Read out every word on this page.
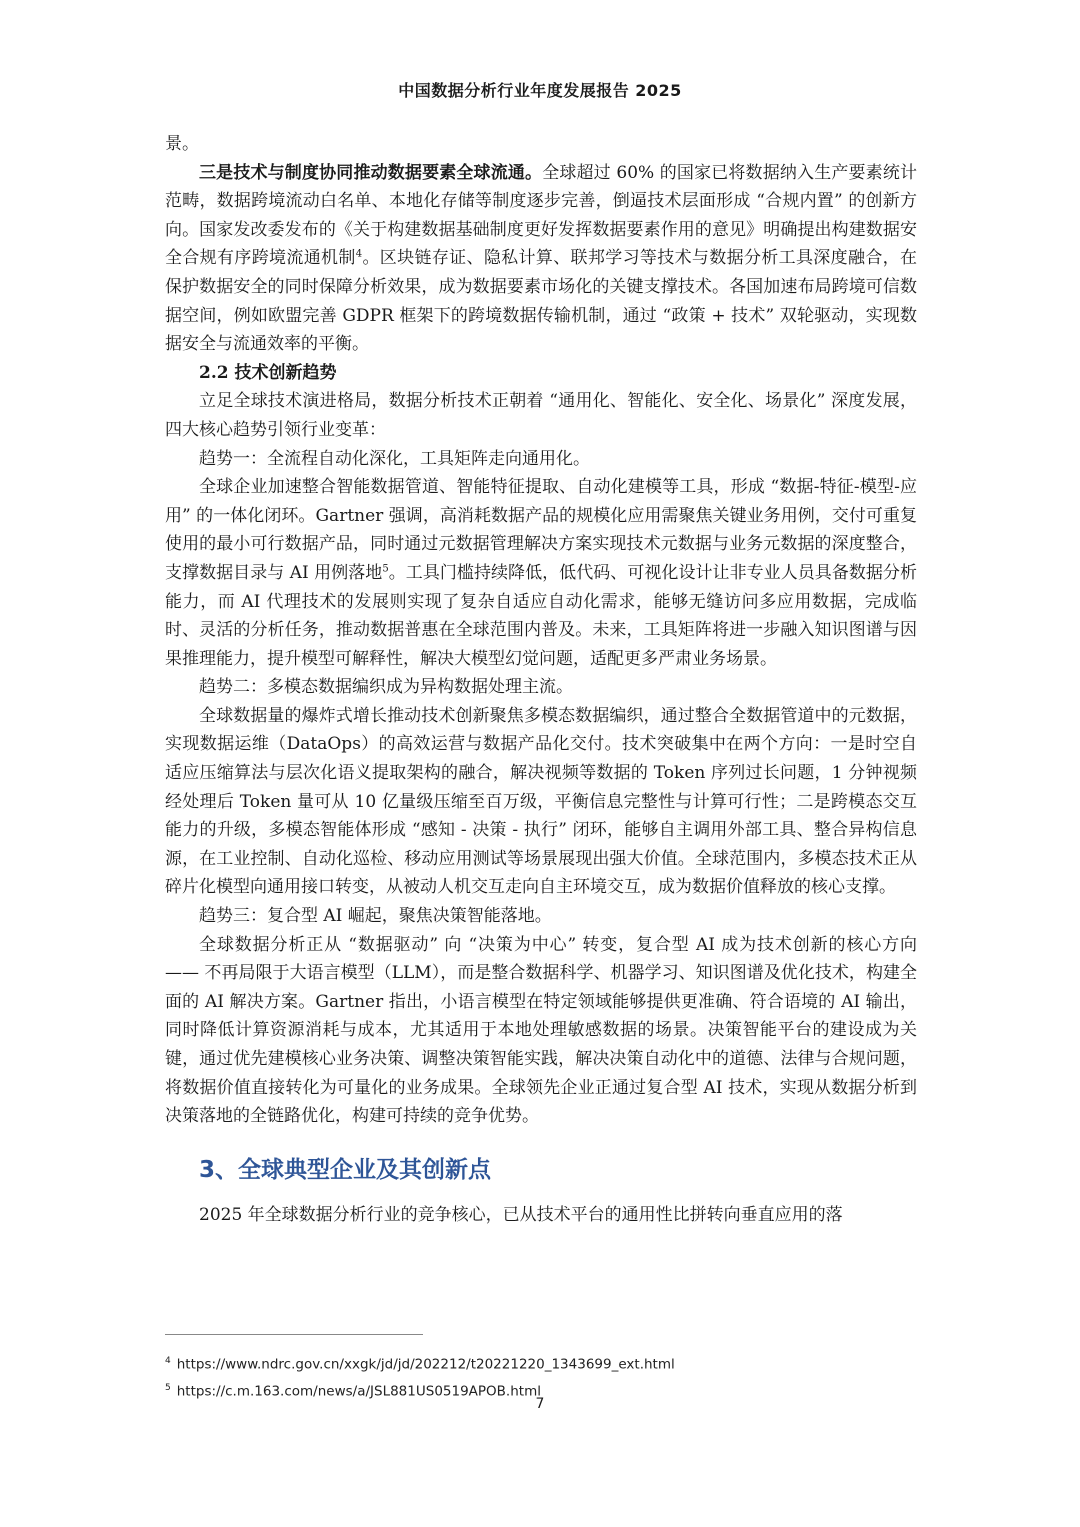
中国数据分析行业年度发展报告 2025

景。

三是技术与制度协同推动数据要素全球流通。全球超过 60% 的国家已将数据纳入生产要素统计范畴，数据跨境流动白名单、本地化存储等制度逐步完善，倒逼技术层面形成 “合规内置” 的创新方向。国家发改委发布的《关于构建数据基础制度更好发挥数据要素作用的意见》明确提出构建数据安全合规有序跨境流通机制$^4$。区块链存证、隐私计算、联邦学习等技术与数据分析工具深度融合，在保护数据安全的同时保障分析效果，成为数据要素市场化的关键支撑技术。各国加速布局跨境可信数据空间，例如欧盟完善 GDPR 框架下的跨境数据传输机制，通过 “政策 + 技术” 双轮驱动，实现数据安全与流通效率的平衡。

2.2 技术创新趋势

立足全球技术演进格局，数据分析技术正朝着 “通用化、智能化、安全化、场景化” 深度发展，四大核心趋势引领行业变革：

趋势一：全流程自动化深化，工具矩阵走向通用化。

全球企业加速整合智能数据管道、智能特征提取、自动化建模等工具，形成 “数据-特征-模型-应用” 的一体化闭环。Gartner 强调，高消耗数据产品的规模化应用需聚焦关键业务用例，交付可重复使用的最小可行数据产品，同时通过元数据管理解决方案实现技术元数据与业务元数据的深度整合，支撑数据目录与 AI 用例落地$^5$。工具门槛持续降低，低代码、可视化设计让非专业人员具备数据分析能力，而 AI 代理技术的发展则实现了复杂自适应自动化需求，能够无缝访问多应用数据，完成临时、灵活的分析任务，推动数据普惠在全球范围内普及。未来，工具矩阵将进一步融入知识图谱与因果推理能力，提升模型可解释性，解决大模型幻觉问题，适配更多严肃业务场景。

趋势二：多模态数据编织成为异构数据处理主流。

全球数据量的爆炸式增长推动技术创新聚焦多模态数据编织，通过整合全数据管道中的元数据，实现数据运维（DataOps）的高效运营与数据产品化交付。技术突破集中在两个方向：一是时空自适应压缩算法与层次化语义提取架构的融合，解决视频等数据的 Token 序列过长问题，1 分钟视频经处理后 Token 量可从 10 亿量级压缩至百万级，平衡信息完整性与计算可行性；二是跨模态交互能力的升级，多模态智能体形成 “感知 - 决策 - 执行” 闭环，能够自主调用外部工具、整合异构信息源，在工业控制、自动化巡检、移动应用测试等场景展现出强大价值。全球范围内，多模态技术正从碎片化模型向通用接口转变，从被动人机交互走向自主环境交互，成为数据价值释放的核心支撑。

趋势三：复合型 AI 崛起，聚焦决策智能落地。

全球数据分析正从 “数据驱动” 向 “决策为中心” 转变，复合型 AI 成为技术创新的核心方向 —— 不再局限于大语言模型（LLM），而是整合数据科学、机器学习、知识图谱及优化技术，构建全面的 AI 解决方案。Gartner 指出，小语言模型在特定领域能够提供更准确、符合语境的 AI 输出，同时降低计算资源消耗与成本，尤其适用于本地处理敏感数据的场景。决策智能平台的建设成为关键，通过优先建模核心业务决策、调整决策智能实践，解决决策自动化中的道德、法律与合规问题，将数据价值直接转化为可量化的业务成果。全球领先企业正通过复合型 AI 技术，实现从数据分析到决策落地的全链路优化，构建可持续的竞争优势。

3、全球典型企业及其创新点

2025 年全球数据分析行业的竞争核心，已从技术平台的通用性比拼转向垂直应用的落

$^4$ https://www.ndrc.gov.cn/xxgk/jd/jd/202212/t20221220_1343699_ext.html
$^5$ https://c.m.163.com/news/a/JSL881US0519APOB.html
7
